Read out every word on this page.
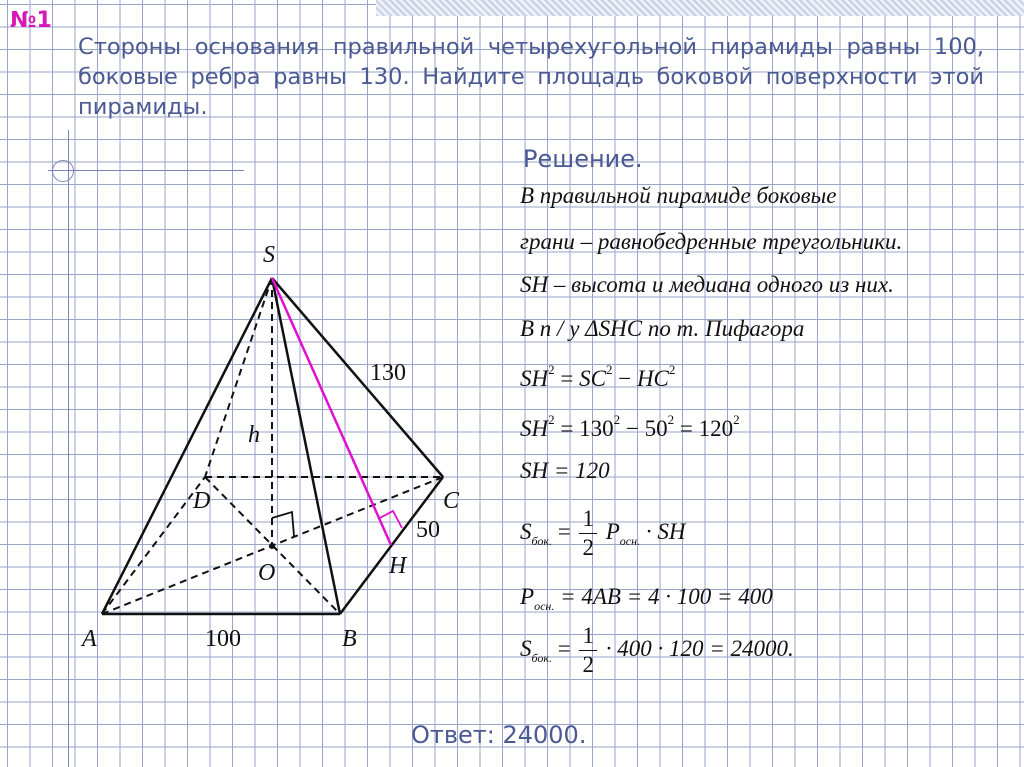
№1
Стороны основания правильной четырехугольной пирамиды равны 100, боковые ребра равны 130. Найдите площадь боковой поверхности этой пирамиды.
Решение.
В правильной пирамиде боковые
грани – равнобедренные треугольники.
SH – высота и медиана одного из них.
В п / у ΔSHC по т. Пифагора
$SH^2 = SC^2 - HC^2$
$SH^2 = 130^2 - 50^2 = 120^2$
SH = 120
$S_{бок.} = \frac{1}{2} P_{осн.}$ · SH
$P_{осн.} = 4AB = 4 \cdot 100 = 400$
$S_{бок.} = \frac{1}{2} \cdot 400 \cdot 120 = 24000$.
Ответ: 24000.
S
A	B
C
D
O	H
h
130
100
50
